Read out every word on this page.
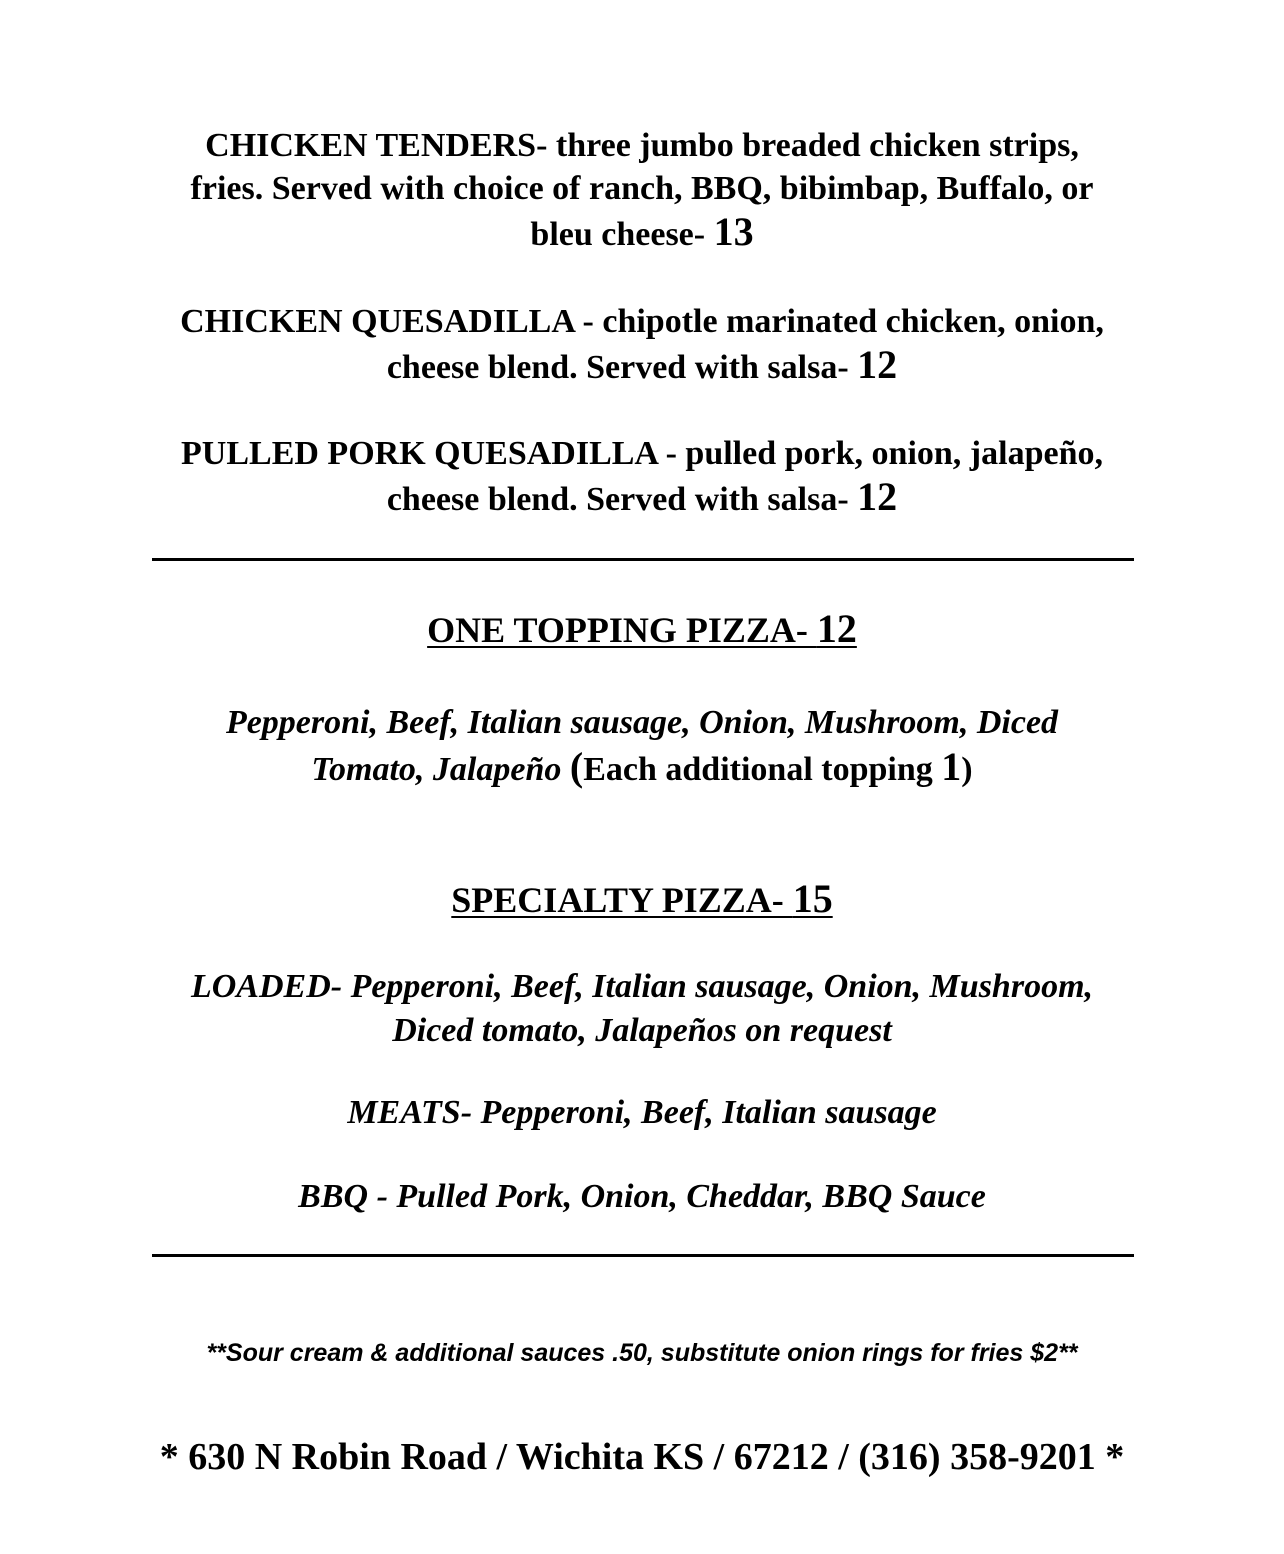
CHICKEN TENDERS- three jumbo breaded chicken strips,
fries. Served with choice of ranch, BBQ, bibimbap, Buffalo, or
bleu cheese- 13
CHICKEN QUESADILLA - chipotle marinated chicken, onion,
cheese blend. Served with salsa- 12
PULLED PORK QUESADILLA - pulled pork, onion, jalapeño,
cheese blend. Served with salsa- 12
ONE TOPPING PIZZA- 12
Pepperoni, Beef, Italian sausage, Onion, Mushroom, Diced
Tomato, Jalapeño (Each additional topping 1)
SPECIALTY PIZZA- 15
LOADED- Pepperoni, Beef, Italian sausage, Onion, Mushroom,
Diced tomato, Jalapeños on request
MEATS- Pepperoni, Beef, Italian sausage
BBQ - Pulled Pork, Onion, Cheddar, BBQ Sauce
**Sour cream & additional sauces .50, substitute onion rings for fries $2**
* 630 N Robin Road / Wichita KS / 67212 / (316) 358-9201 *
